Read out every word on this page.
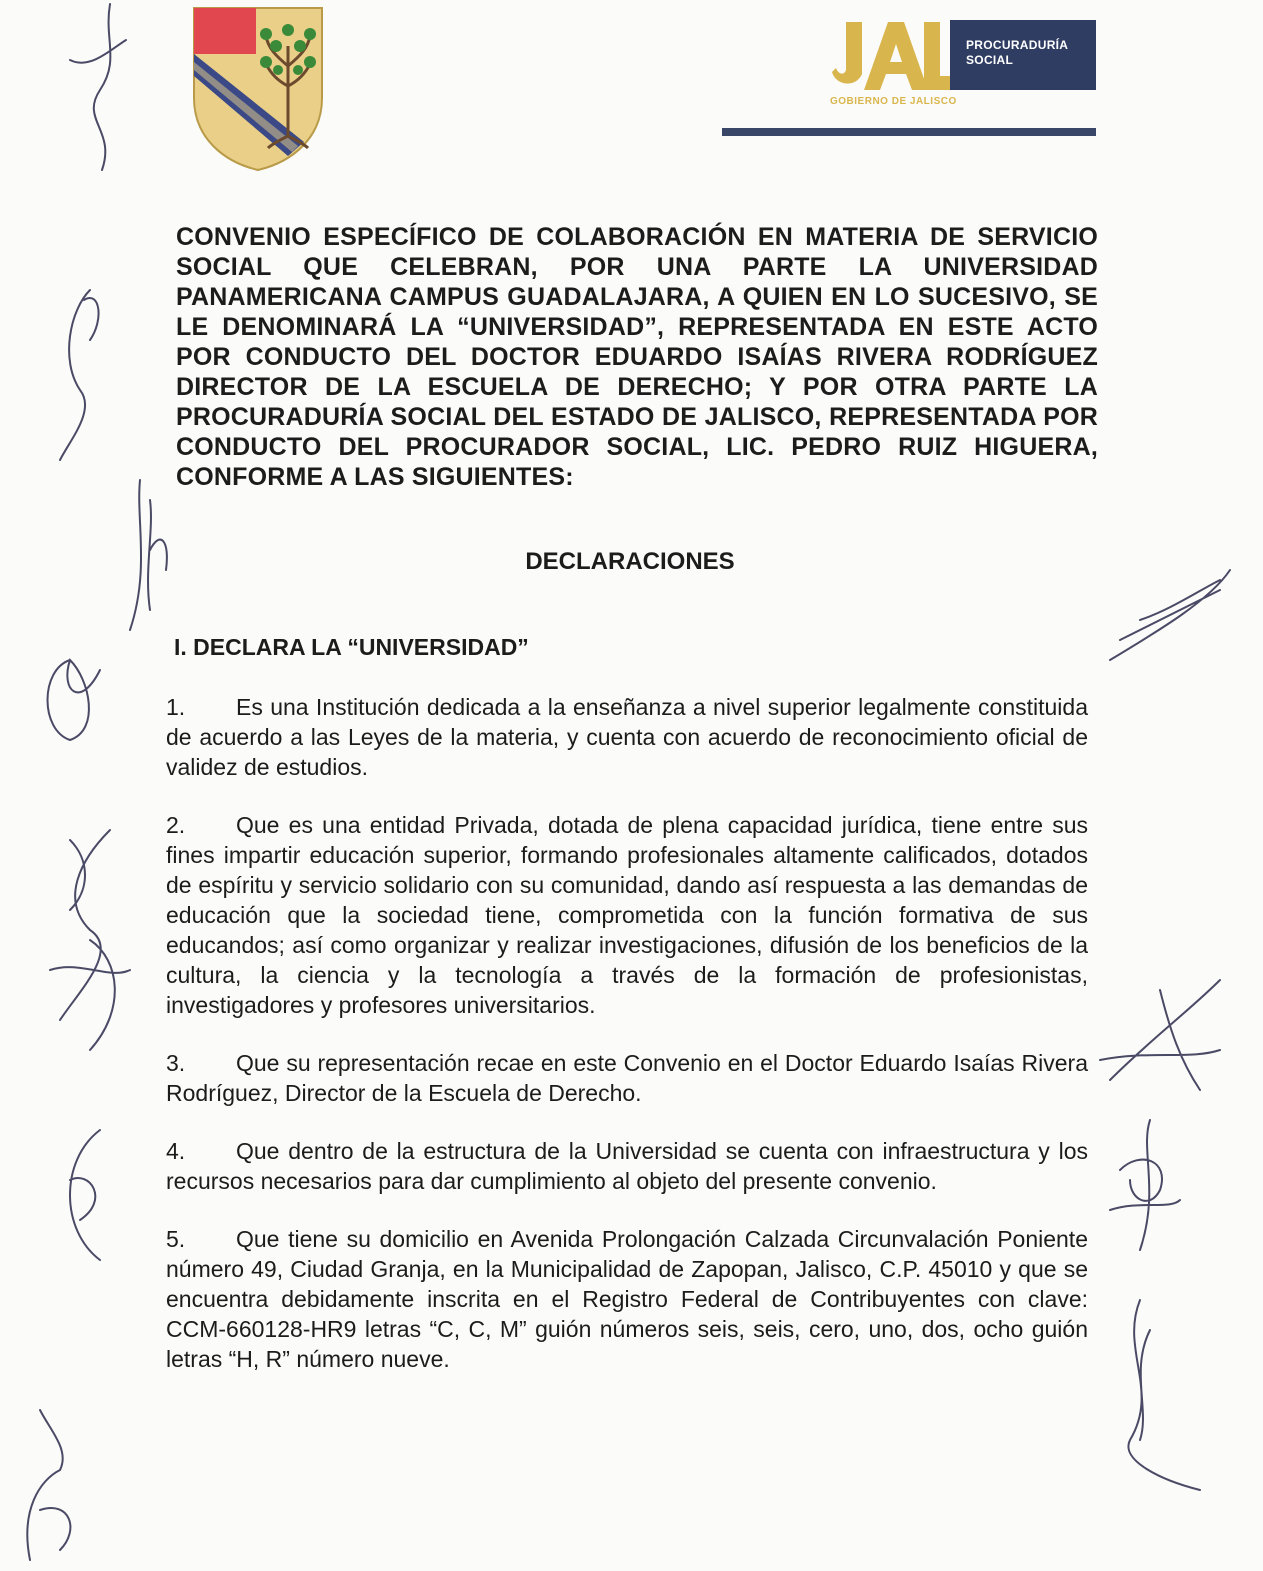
PROCURADURÍA
SOCIAL
GOBIERNO DE JALISCO
CONVENIO ESPECÍFICO DE COLABORACIÓN EN MATERIA DE SERVICIO SOCIAL QUE CELEBRAN, POR UNA PARTE LA UNIVERSIDAD PANAMERICANA CAMPUS GUADALAJARA, A QUIEN EN LO SUCESIVO, SE LE DENOMINARÁ LA “UNIVERSIDAD”, REPRESENTADA EN ESTE ACTO POR CONDUCTO DEL DOCTOR EDUARDO ISAÍAS RIVERA RODRÍGUEZ DIRECTOR DE LA ESCUELA DE DERECHO; Y POR OTRA PARTE LA PROCURADURÍA SOCIAL DEL ESTADO DE JALISCO, REPRESENTADA POR CONDUCTO DEL PROCURADOR SOCIAL, LIC. PEDRO RUIZ HIGUERA, CONFORME A LAS SIGUIENTES:
DECLARACIONES
I. DECLARA LA “UNIVERSIDAD”
1. Es una Institución dedicada a la enseñanza a nivel superior legalmente constituida de acuerdo a las Leyes de la materia, y cuenta con acuerdo de reconocimiento oficial de validez de estudios.
2. Que es una entidad Privada, dotada de plena capacidad jurídica, tiene entre sus fines impartir educación superior, formando profesionales altamente calificados, dotados de espíritu y servicio solidario con su comunidad, dando así respuesta a las demandas de educación que la sociedad tiene, comprometida con la función formativa de sus educandos; así como organizar y realizar investigaciones, difusión de los beneficios de la cultura, la ciencia y la tecnología a través de la formación de profesionistas, investigadores y profesores universitarios.
3. Que su representación recae en este Convenio en el Doctor Eduardo Isaías Rivera Rodríguez, Director de la Escuela de Derecho.
4. Que dentro de la estructura de la Universidad se cuenta con infraestructura y los recursos necesarios para dar cumplimiento al objeto del presente convenio.
5. Que tiene su domicilio en Avenida Prolongación Calzada Circunvalación Poniente número 49, Ciudad Granja, en la Municipalidad de Zapopan, Jalisco, C.P. 45010 y que se encuentra debidamente inscrita en el Registro Federal de Contribuyentes con clave: CCM-660128-HR9 letras “C, C, M” guión números seis, seis, cero, uno, dos, ocho guión letras “H, R” número nueve.
